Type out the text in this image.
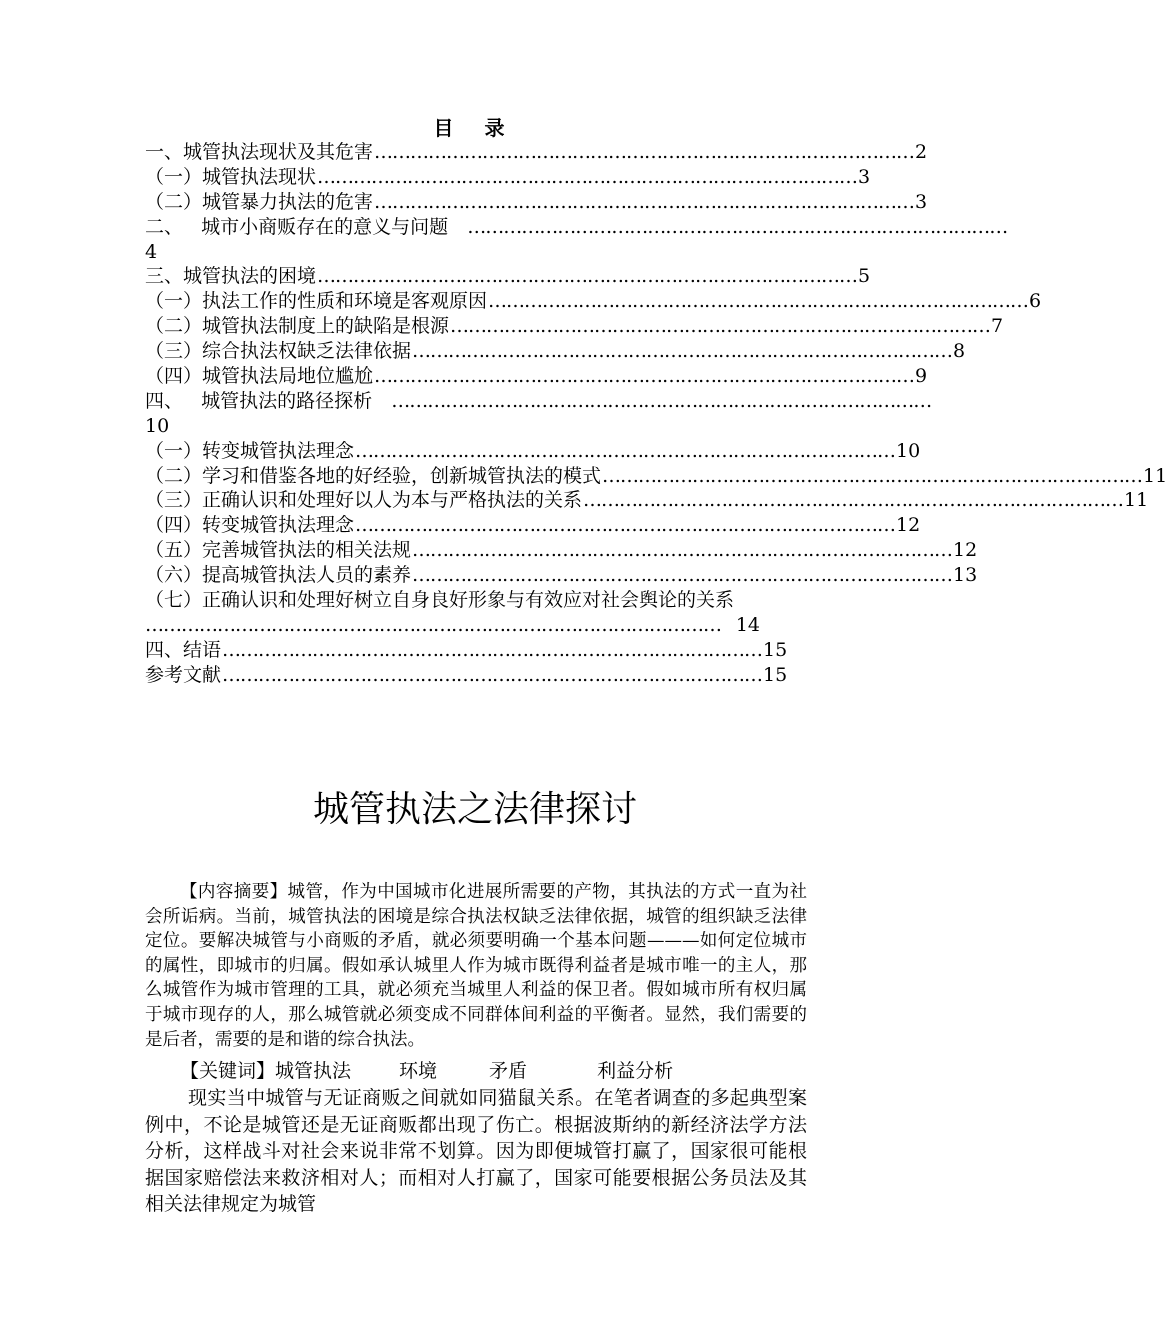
目 录
一、城管执法现状及其危害 ……………………………………………………………………………… 2
（一）城管执法现状 ……………………………………………………………………………… 3
（二）城管暴力执法的危害 ……………………………………………………………………………… 3
二、   城市小商贩存在的意义与问题 ………………………………………………………………………………
4
三、城管执法的困境 ……………………………………………………………………………… 5
（一）执法工作的性质和环境是客观原因 ……………………………………………………………………………… 6
（二）城管执法制度上的缺陷是根源 ……………………………………………………………………………… 7
（三）综合执法权缺乏法律依据 ……………………………………………………………………………… 8
（四）城管执法局地位尴尬 ……………………………………………………………………………… 9
四、   城管执法的路径探析 ………………………………………………………………………………
10
（一）转变城管执法理念 ……………………………………………………………………………… 10
（二）学习和借鉴各地的好经验，创新城管执法的模式 ……………………………………………………………………………… 11
（三）正确认识和处理好以人为本与严格执法的关系 ……………………………………………………………………………… 11
（四）转变城管执法理念 ……………………………………………………………………………… 12
（五）完善城管执法的相关法规 ……………………………………………………………………………… 12
（六）提高城管执法人员的素养 ……………………………………………………………………………… 13
（七）正确认识和处理好树立自身良好形象与有效应对社会舆论的关系
…………………………………………………………………………………… 14
四、结语 ……………………………………………………………………………… 15
参考文献 ……………………………………………………………………………… 15
城管执法之法律探讨
【内容摘要】城管，作为中国城市化进展所需要的产物，其执法的方式一直为社会所诟病。当前，城管执法的困境是综合执法权缺乏法律依据，城管的组织缺乏法律定位。要解决城管与小商贩的矛盾，就必须要明确一个基本问题———如何定位城市的属性，即城市的归属。假如承认城里人作为城市既得利益者是城市唯一的主人，那么城管作为城市管理的工具，就必须充当城里人利益的保卫者。假如城市所有权归属于城市现存的人，那么城管就必须变成不同群体间利益的平衡者。显然，我们需要的是后者，需要的是和谐的综合执法。
【关键词】城管执法	环境	矛盾	利益分析
现实当中城管与无证商贩之间就如同猫鼠关系。在笔者调查的多起典型案例中，不论是城管还是无证商贩都出现了伤亡。根据波斯纳的新经济法学方法分析，这样战斗对社会来说非常不划算。因为即便城管打赢了，国家很可能根据国家赔偿法来救济相对人；而相对人打赢了，国家可能要根据公务员法及其相关法律规定为城管
